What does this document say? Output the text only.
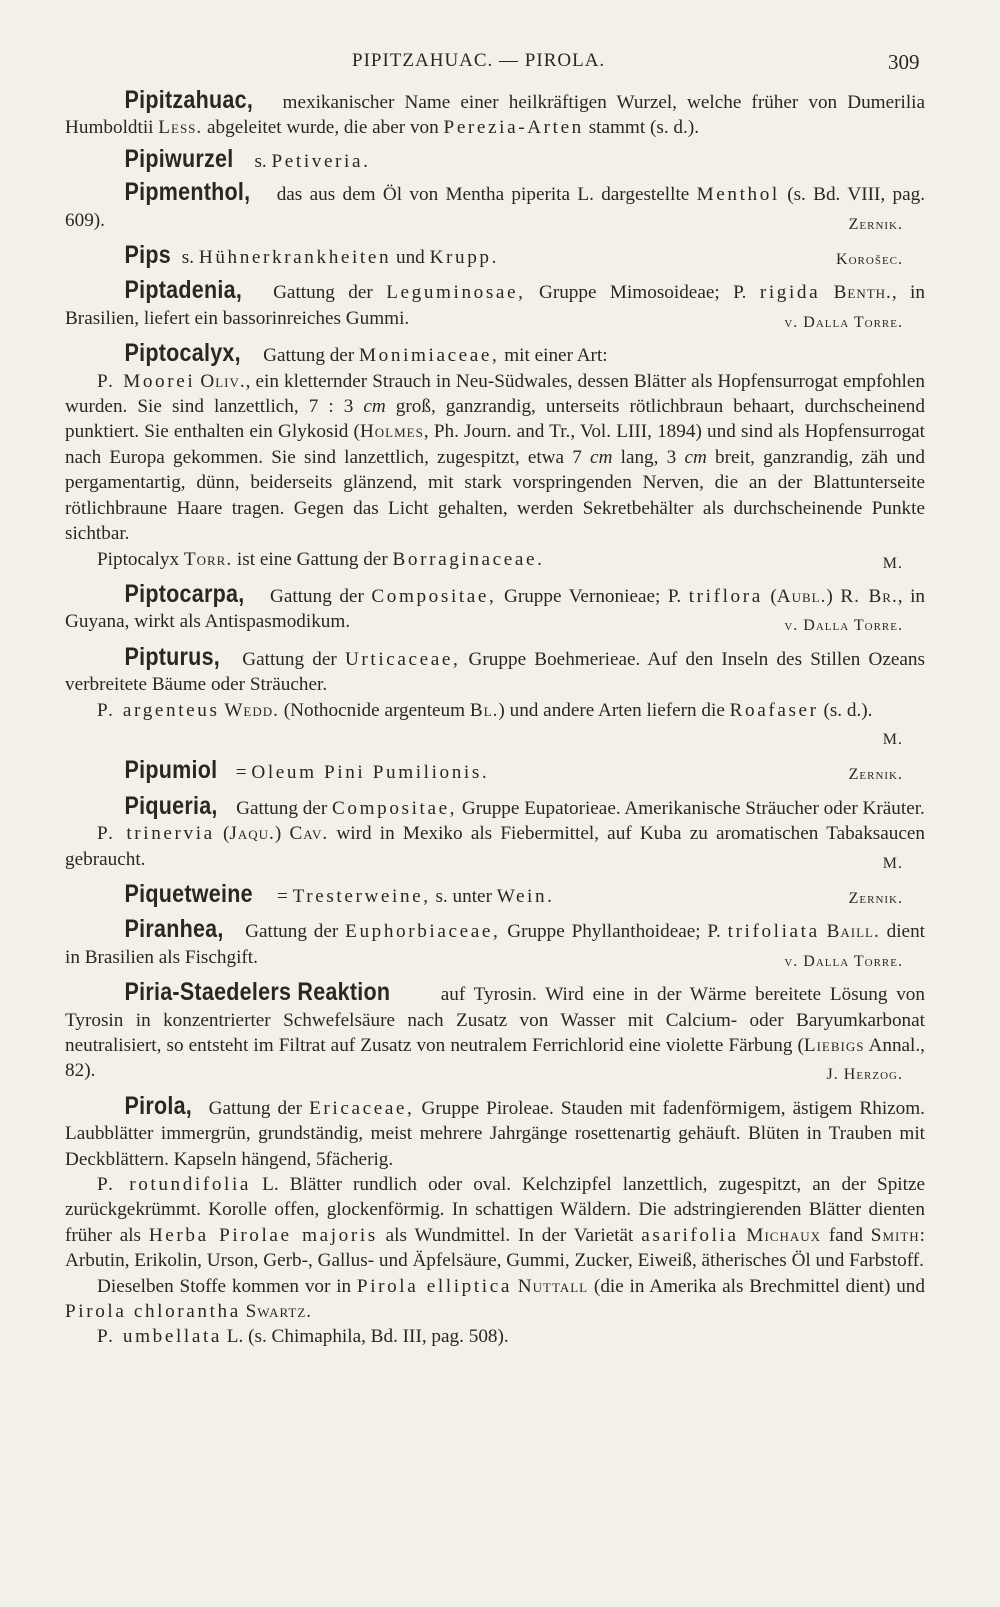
PIPITZAHUAC. — PIROLA.	309

Pipitzahuac, mexikanischer Name einer heilkräftigen Wurzel, welche früher von Dumerilia Humboldtii Less. abgeleitet wurde, die aber von Perezia-Arten stammt (s. d.).

Pipiwurzel s. Petiveria.

Pipmenthol, das aus dem Öl von Mentha piperita L. dargestellte Menthol (s. Bd. VIII, pag. 609).	Zernik.

Pips s. Hühnerkrankheiten und Krupp.	Korošec.

Piptadenia, Gattung der Leguminosae, Gruppe Mimosoideae; P. rigida Benth., in Brasilien, liefert ein bassorinreiches Gummi.	v. Dalla Torre.

Piptocalyx, Gattung der Monimiaceae, mit einer Art:

P. Moorei Oliv., ein kletternder Strauch in Neu-Südwales, dessen Blätter als Hopfensurrogat empfohlen wurden. Sie sind lanzettlich, 7 : 3 cm groß, ganzrandig, unterseits rötlichbraun behaart, durchscheinend punktiert. Sie enthalten ein Glykosid (Holmes, Ph. Journ. and Tr., Vol. LIII, 1894) und sind als Hopfensurrogat nach Europa gekommen. Sie sind lanzettlich, zugespitzt, etwa 7 cm lang, 3 cm breit, ganzrandig, zäh und pergamentartig, dünn, beiderseits glänzend, mit stark vorspringenden Nerven, die an der Blattunterseite rötlichbraune Haare tragen. Gegen das Licht gehalten, werden Sekretbehälter als durchscheinende Punkte sichtbar.

Piptocalyx Torr. ist eine Gattung der Borraginaceae.	M.

Piptocarpa, Gattung der Compositae, Gruppe Vernonieae; P. triflora (Aubl.) R. Br., in Guyana, wirkt als Antispasmodikum.	v. Dalla Torre.

Pipturus, Gattung der Urticaceae, Gruppe Boehmerieae. Auf den Inseln des Stillen Ozeans verbreitete Bäume oder Sträucher.

P. argenteus Wedd. (Nothocnide argenteum Bl.) und andere Arten liefern die Roafaser (s. d.).
M.

Pipumiol = Oleum Pini Pumilionis.	Zernik.

Piqueria, Gattung der Compositae, Gruppe Eupatorieae. Amerikanische Sträucher oder Kräuter.

P. trinervia (Jaqu.) Cav. wird in Mexiko als Fiebermittel, auf Kuba zu aromatischen Tabaksaucen gebraucht.	M.

Piquetweine = Tresterweine, s. unter Wein.	Zernik.

Piranhea, Gattung der Euphorbiaceae, Gruppe Phyllanthoideae; P. trifoliata Baill. dient in Brasilien als Fischgift.	v. Dalla Torre.

Piria-Staedelers Reaktion auf Tyrosin. Wird eine in der Wärme bereitete Lösung von Tyrosin in konzentrierter Schwefelsäure nach Zusatz von Wasser mit Calcium- oder Baryumkarbonat neutralisiert, so entsteht im Filtrat auf Zusatz von neutralem Ferrichlorid eine violette Färbung (Liebigs Annal., 82).	J. Herzog.

Pirola, Gattung der Ericaceae, Gruppe Piroleae. Stauden mit fadenförmigem, ästigem Rhizom. Laubblätter immergrün, grundständig, meist mehrere Jahrgänge rosettenartig gehäuft. Blüten in Trauben mit Deckblättern. Kapseln hängend, 5fächerig.

P. rotundifolia L. Blätter rundlich oder oval. Kelchzipfel lanzettlich, zugespitzt, an der Spitze zurückgekrümmt. Korolle offen, glockenförmig. In schattigen Wäldern. Die adstringierenden Blätter dienten früher als Herba Pirolae majoris als Wundmittel. In der Varietät asarifolia Michaux fand Smith: Arbutin, Erikolin, Urson, Gerb-, Gallus- und Äpfelsäure, Gummi, Zucker, Eiweiß, ätherisches Öl und Farbstoff.

Dieselben Stoffe kommen vor in Pirola elliptica Nuttall (die in Amerika als Brechmittel dient) und Pirola chlorantha Swartz.

P. umbellata L. (s. Chimaphila, Bd. III, pag. 508).
